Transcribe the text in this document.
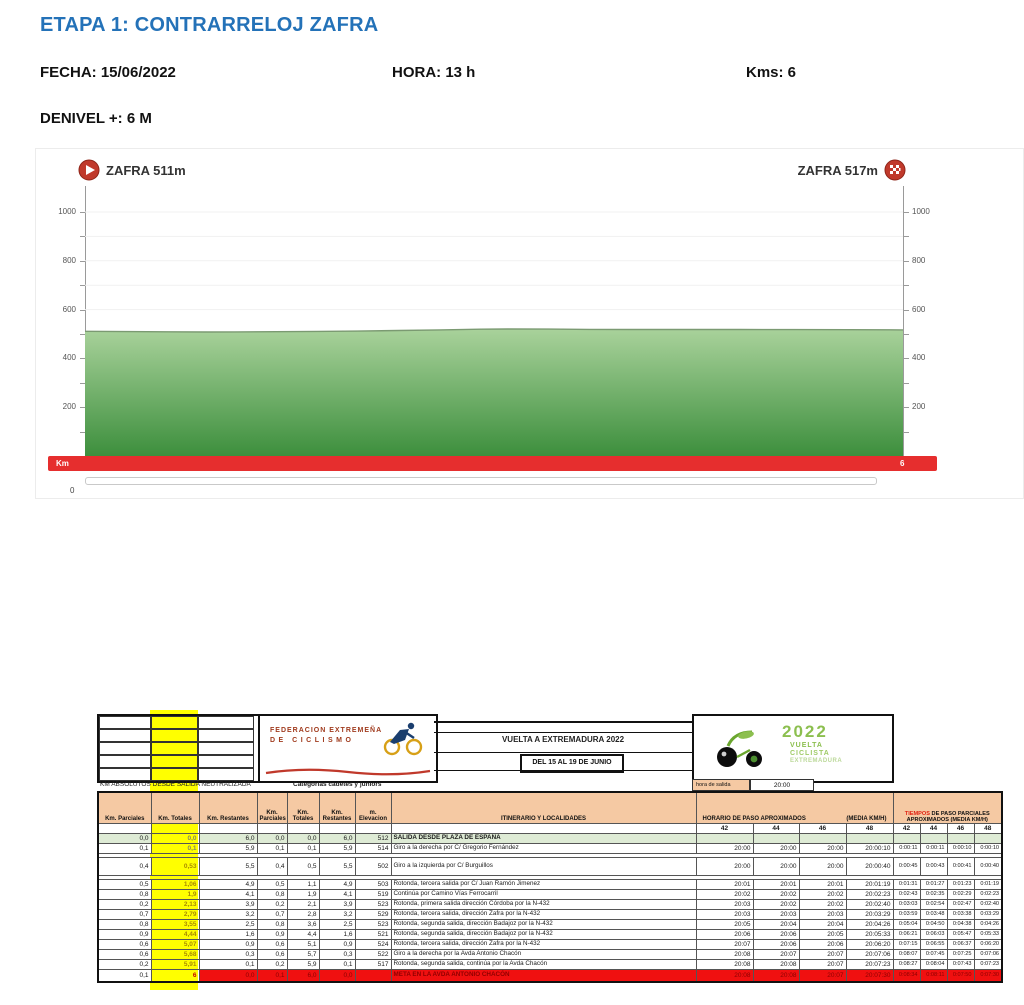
ETAPA 1: CONTRARRELOJ ZAFRA
FECHA: 15/06/2022	HORA: 13 h	Kms: 6
DENIVEL +: 6 M
ZAFRA 511m	ZAFRA 517m
200	200
400	400
600	600
800	800
1000	1000
Km	6
0
FEDERACION EXTREMEÑA
DE CICLISMO	VUELTA A EXTREMADURA 2022
DEL 15 AL 19 DE JUNIO
2022
VUELTA
CICLISTA
EXTREMADURA
KM ABSOLUTOS DESDE SALIDA NEUTRALIZADA	Categorías cadetes y juniors	hora de salida	20:00
Km. Parciales	Km. Totales	Km. Restantes	Km. Parciales	Km. Totales	Km. Restantes	m. Elevacion	ITINERARIO Y LOCALIDADES	HORARIO DE PASO APROXIMADOS (MEDIA KM/H)				TIEMPOS DE PASO PARCIALES APROXIMADOS (MEDIA KM/H)			
								42	44	46	48	42	44	46	48
0,0	0,0	6,0	0,0	0,0	6,0	512	SALIDA DESDE PLAZA DE ESPAÑA								
0,1	0,1	5,9	0,1	0,1	5,9	514	Giro a la derecha por C/ Gregorio Fernández	20:00	20:00	20:00	20:00:10	0:00:11	0:00:11	0:00:10	0:00:10

0,4	0,53	5,5	0,4	0,5	5,5	502	Giro a la izquierda por C/ Burguillos	20:00	20:00	20:00	20:00:40	0:00:45	0:00:43	0:00:41	0:00:40

0,5	1,06	4,9	0,5	1,1	4,9	503	Rotonda, tercera salida por C/ Juan Ramón Jimenez	20:01	20:01	20:01	20:01:19	0:01:31	0:01:27	0:01:23	0:01:19
0,8	1,9	4,1	0,8	1,9	4,1	519	Continúa por Camino Vías Ferrocarril	20:02	20:02	20:02	20:02:23	0:02:43	0:02:35	0:02:29	0:02:23
0,2	2,13	3,9	0,2	2,1	3,9	523	Rotonda, primera salida dirección Córdoba por la N-432	20:03	20:02	20:02	20:02:40	0:03:03	0:02:54	0:02:47	0:02:40
0,7	2,79	3,2	0,7	2,8	3,2	529	Rotonda, tercera salida, dirección Zafra por la N-432	20:03	20:03	20:03	20:03:29	0:03:59	0:03:48	0:03:38	0:03:29
0,8	3,55	2,5	0,8	3,6	2,5	523	Rotonda, segunda salida, dirección Badajoz por la N-432	20:05	20:04	20:04	20:04:26	0:05:04	0:04:50	0:04:38	0:04:26
0,9	4,44	1,6	0,9	4,4	1,6	521	Rotonda, segunda salida, dirección Badajoz por la N-432	20:06	20:06	20:05	20:05:33	0:06:21	0:06:03	0:05:47	0:05:33
0,6	5,07	0,9	0,6	5,1	0,9	524	Rotonda, tercera salida, dirección Zafra por la N-432	20:07	20:06	20:06	20:06:20	0:07:15	0:06:55	0:06:37	0:06:20
0,6	5,68	0,3	0,6	5,7	0,3	522	Giro a la derecha por la Avda Antonio Chacón	20:08	20:07	20:07	20:07:06	0:08:07	0:07:45	0:07:25	0:07:06
0,2	5,91	0,1	0,2	5,9	0,1	517	Rotonda, segunda salida, continúa por la Avda Chacón	20:08	20:08	20:07	20:07:23	0:08:27	0:08:04	0:07:43	0:07:23
0,1	6	0,0	0,1	6,0	0,0		META EN LA AVDA ANTONIO CHACÓN	20:08	20:08	20:07	20:07:30	0:08:34	0:08:11	0:07:50	0:07:30
